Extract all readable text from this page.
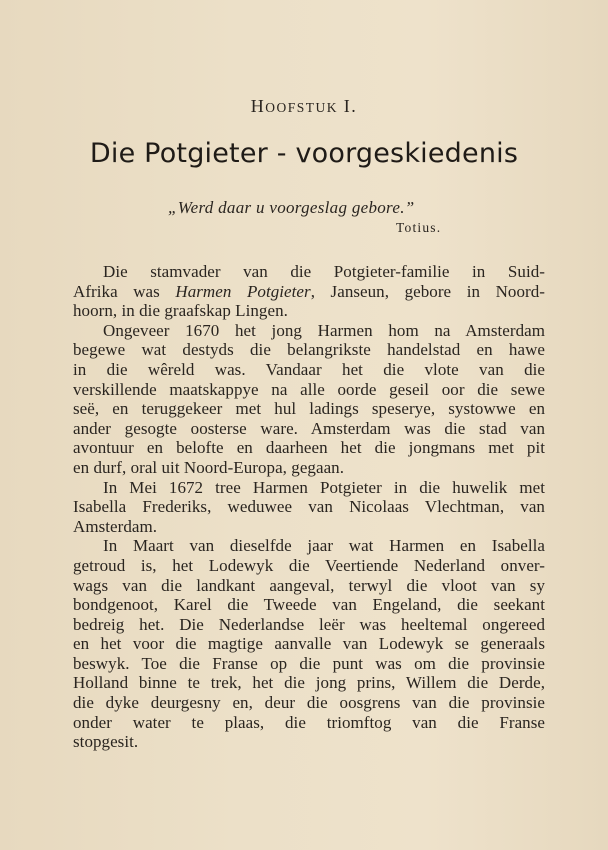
HOOFSTUK I.
Die Potgieter - voorgeskiedenis
„Werd daar u voorgeslag gebore.”
Totius.
Die stamvader van die Potgieter-familie in Suid-
Afrika was Harmen Potgieter, Janseun, gebore in Noord-
hoorn, in die graafskap Lingen.
Ongeveer 1670 het jong Harmen hom na Amsterdam
begewe wat destyds die belangrikste handelstad en hawe
in die wêreld was. Vandaar het die vlote van die
verskillende maatskappye na alle oorde geseil oor die sewe
seë, en teruggekeer met hul ladings speserye, systowwe en
ander gesogte oosterse ware. Amsterdam was die stad van
avontuur en belofte en daarheen het die jongmans met pit
en durf, oral uit Noord-Europa, gegaan.
In Mei 1672 tree Harmen Potgieter in die huwelik met
Isabella Frederiks, weduwee van Nicolaas Vlechtman, van
Amsterdam.
In Maart van dieselfde jaar wat Harmen en Isabella
getroud is, het Lodewyk die Veertiende Nederland onver-
wags van die landkant aangeval, terwyl die vloot van sy
bondgenoot, Karel die Tweede van Engeland, die seekant
bedreig het. Die Nederlandse leër was heeltemal ongereed
en het voor die magtige aanvalle van Lodewyk se generaals
beswyk. Toe die Franse op die punt was om die provinsie
Holland binne te trek, het die jong prins, Willem die Derde,
die dyke deurgesny en, deur die oosgrens van die provinsie
onder water te plaas, die triomftog van die Franse
stopgesit.
